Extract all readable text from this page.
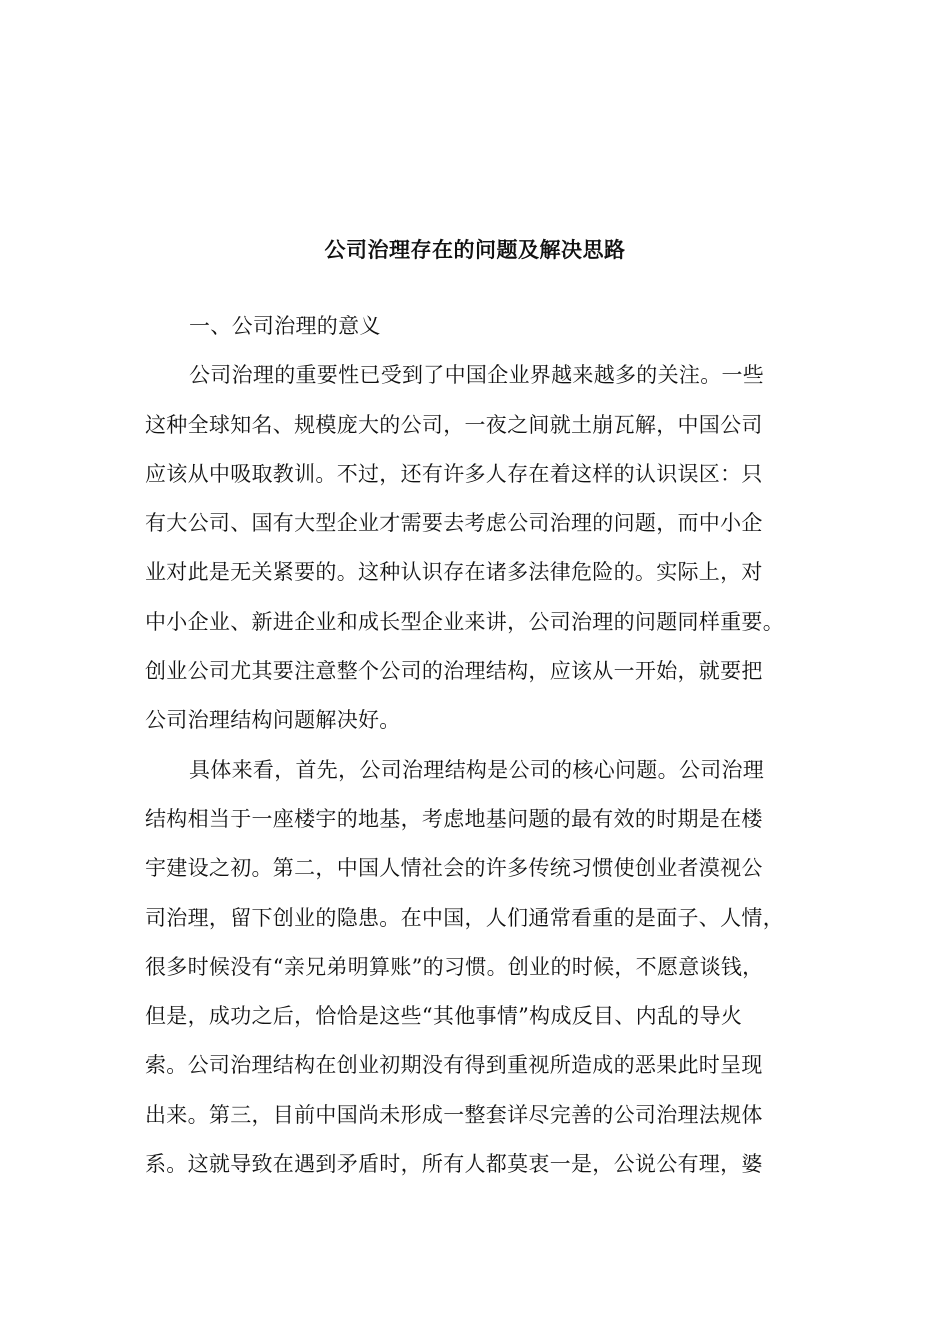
公司治理存在的问题及解决思路
一、公司治理的意义
公司治理的重要性已受到了中国企业界越来越多的关注。一些
这种全球知名、规模庞大的公司，一夜之间就土崩瓦解，中国公司
应该从中吸取教训。不过，还有许多人存在着这样的认识误区：只
有大公司、国有大型企业才需要去考虑公司治理的问题，而中小企
业对此是无关紧要的。这种认识存在诸多法律危险的。实际上，对
中小企业、新进企业和成长型企业来讲，公司治理的问题同样重要。
创业公司尤其要注意整个公司的治理结构，应该从一开始，就要把
公司治理结构问题解决好。
具体来看，首先，公司治理结构是公司的核心问题。公司治理
结构相当于一座楼宇的地基，考虑地基问题的最有效的时期是在楼
宇建设之初。第二，中国人情社会的许多传统习惯使创业者漠视公
司治理，留下创业的隐患。在中国，人们通常看重的是面子、人情，
很多时候没有“亲兄弟明算账”的习惯。创业的时候，不愿意谈钱，
但是，成功之后，恰恰是这些“其他事情”构成反目、内乱的导火
索。公司治理结构在创业初期没有得到重视所造成的恶果此时呈现
出来。第三，目前中国尚未形成一整套详尽完善的公司治理法规体
系。这就导致在遇到矛盾时，所有人都莫衷一是，公说公有理，婆
